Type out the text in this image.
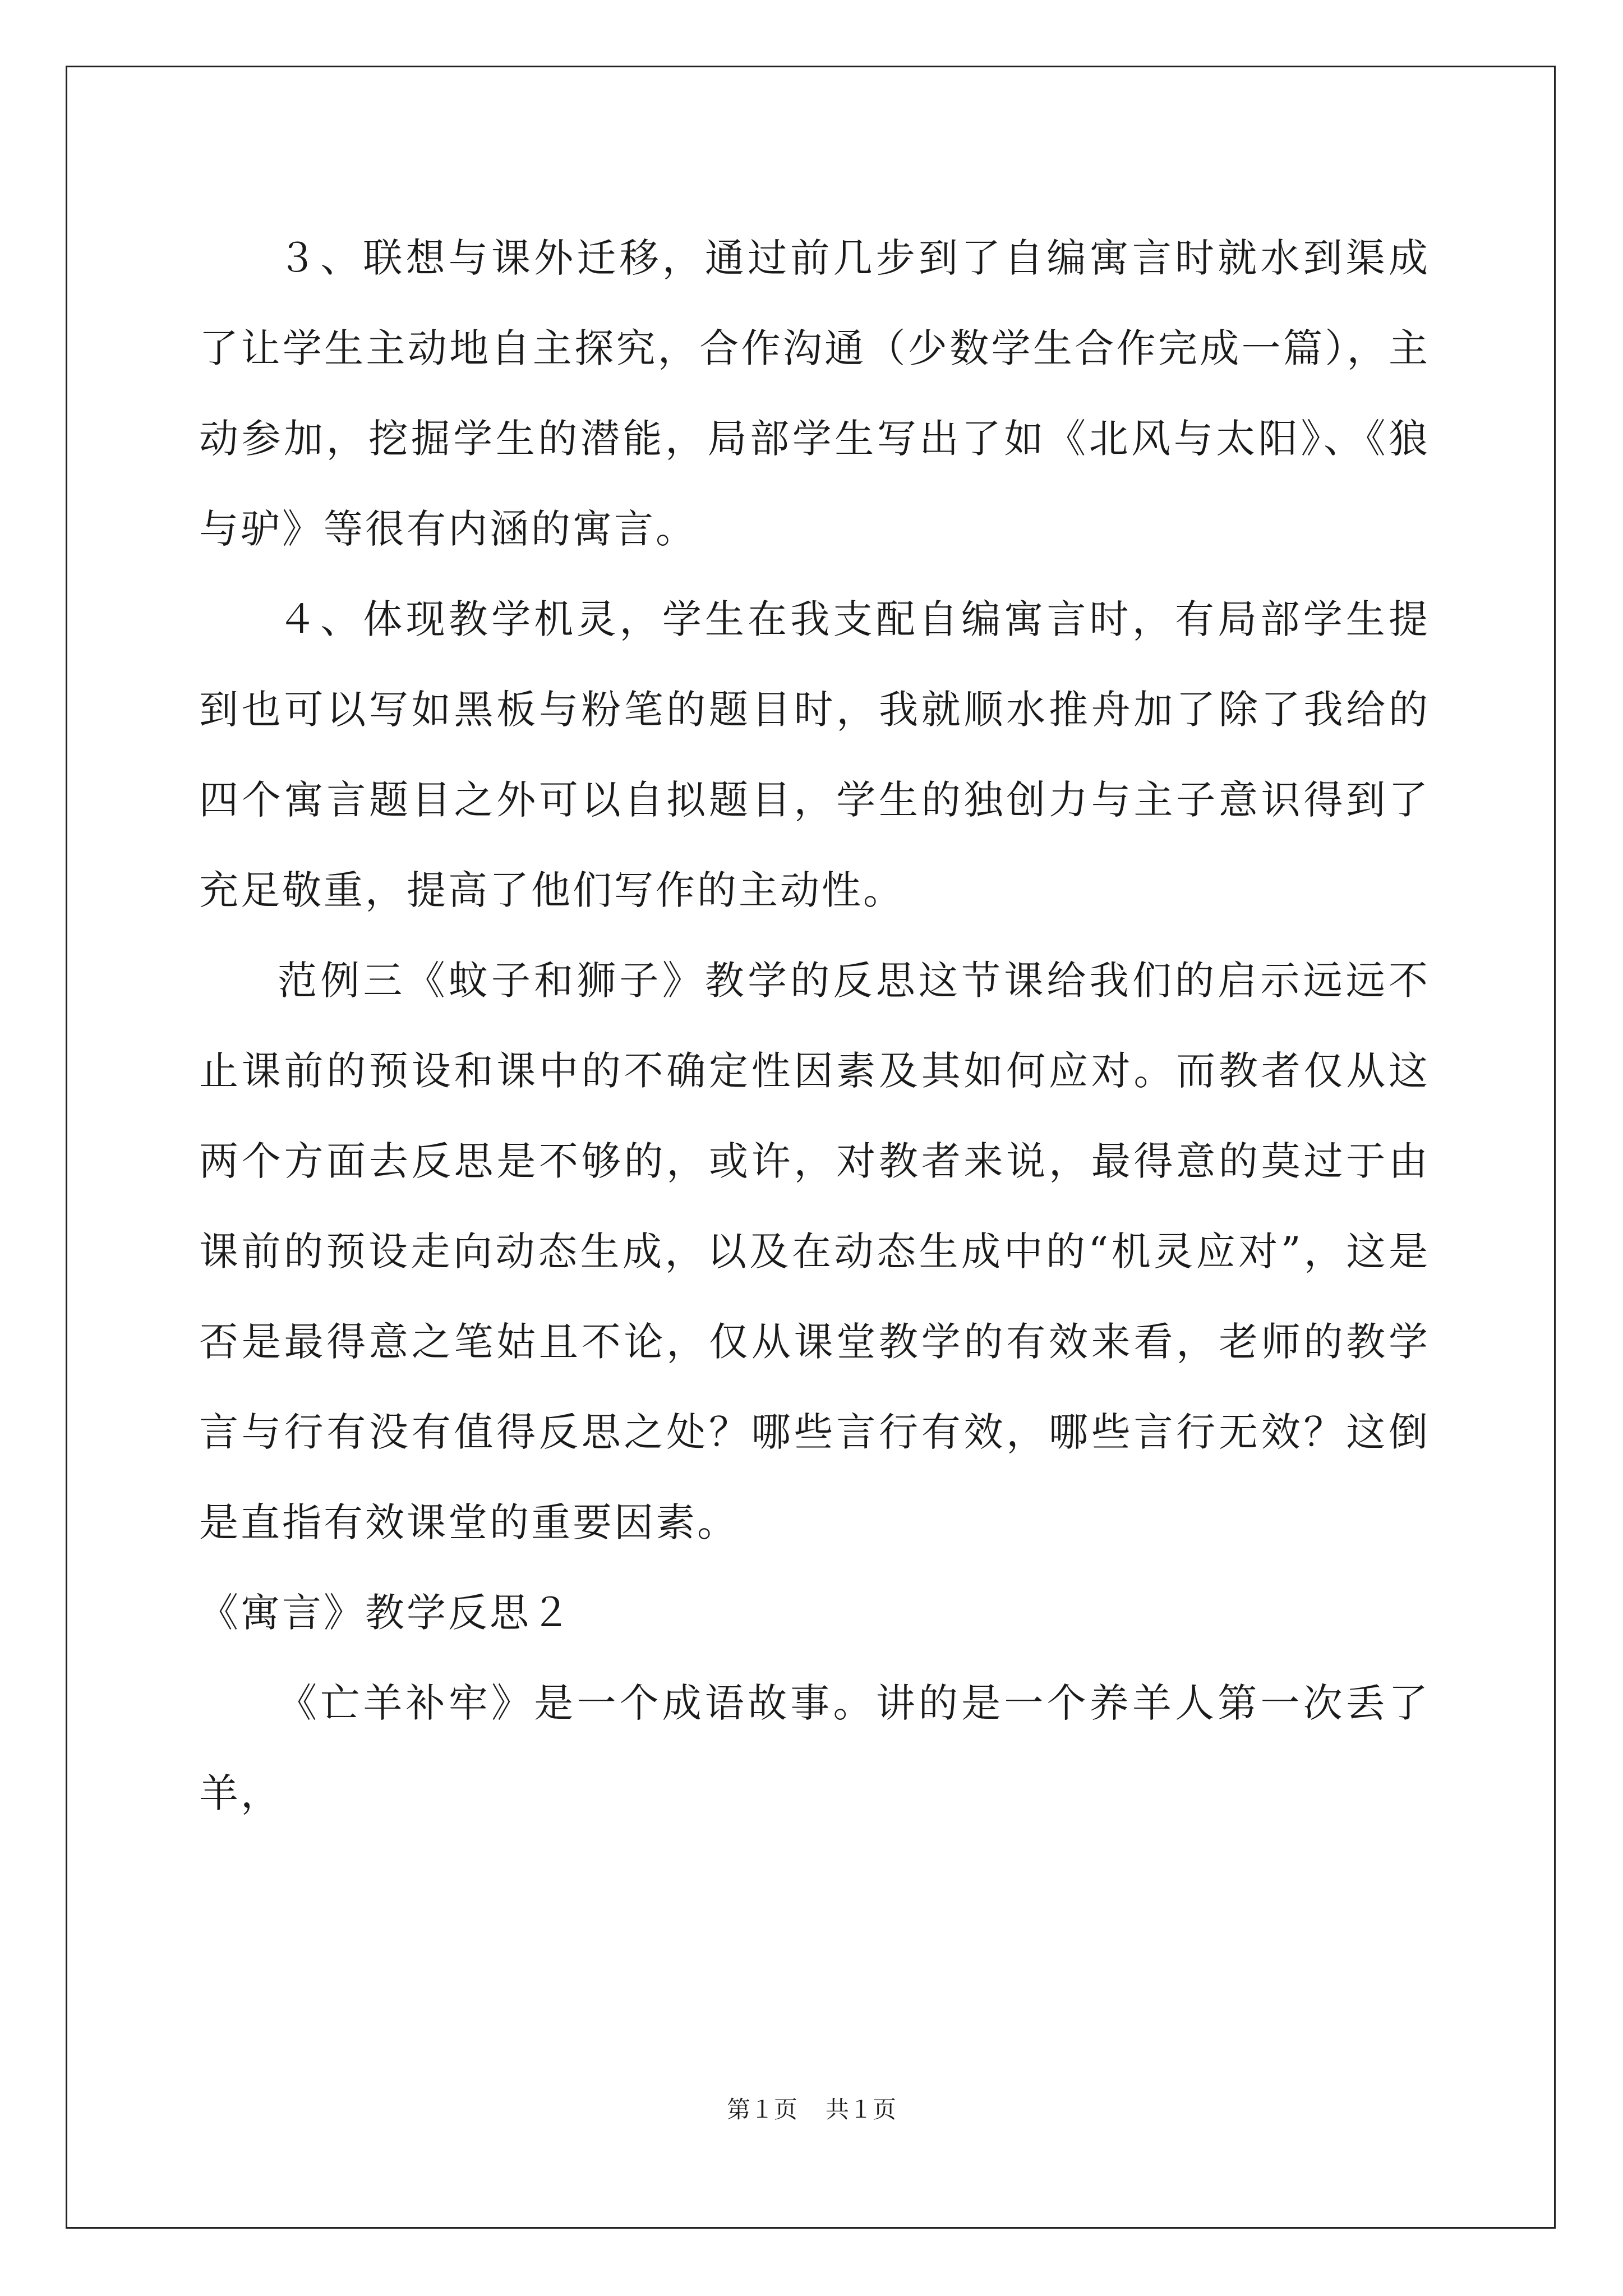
３、联想与课外迁移，通过前几步到了自编寓言时就水到渠成了让学生主动地自主探究，合作沟通（少数学生合作完成一篇），主动参加，挖掘学生的潜能，局部学生写出了如《北风与太阳》、《狼与驴》等很有内涵的寓言。

４、体现教学机灵，学生在我支配自编寓言时，有局部学生提到也可以写如黑板与粉笔的题目时，我就顺水推舟加了除了我给的四个寓言题目之外可以自拟题目，学生的独创力与主子意识得到了充足敬重，提高了他们写作的主动性。

范例三《蚊子和狮子》教学的反思这节课给我们的启示远远不止课前的预设和课中的不确定性因素及其如何应对。而教者仅从这两个方面去反思是不够的，或许，对教者来说，最得意的莫过于由课前的预设走向动态生成，以及在动态生成中的“机灵应对”，这是否是最得意之笔姑且不论，仅从课堂教学的有效来看，老师的教学言与行有没有值得反思之处？哪些言行有效，哪些言行无效？这倒是直指有效课堂的重要因素。

《寓言》教学反思２

《亡羊补牢》是一个成语故事。讲的是一个养羊人第一次丢了羊，

第１页 共１页
